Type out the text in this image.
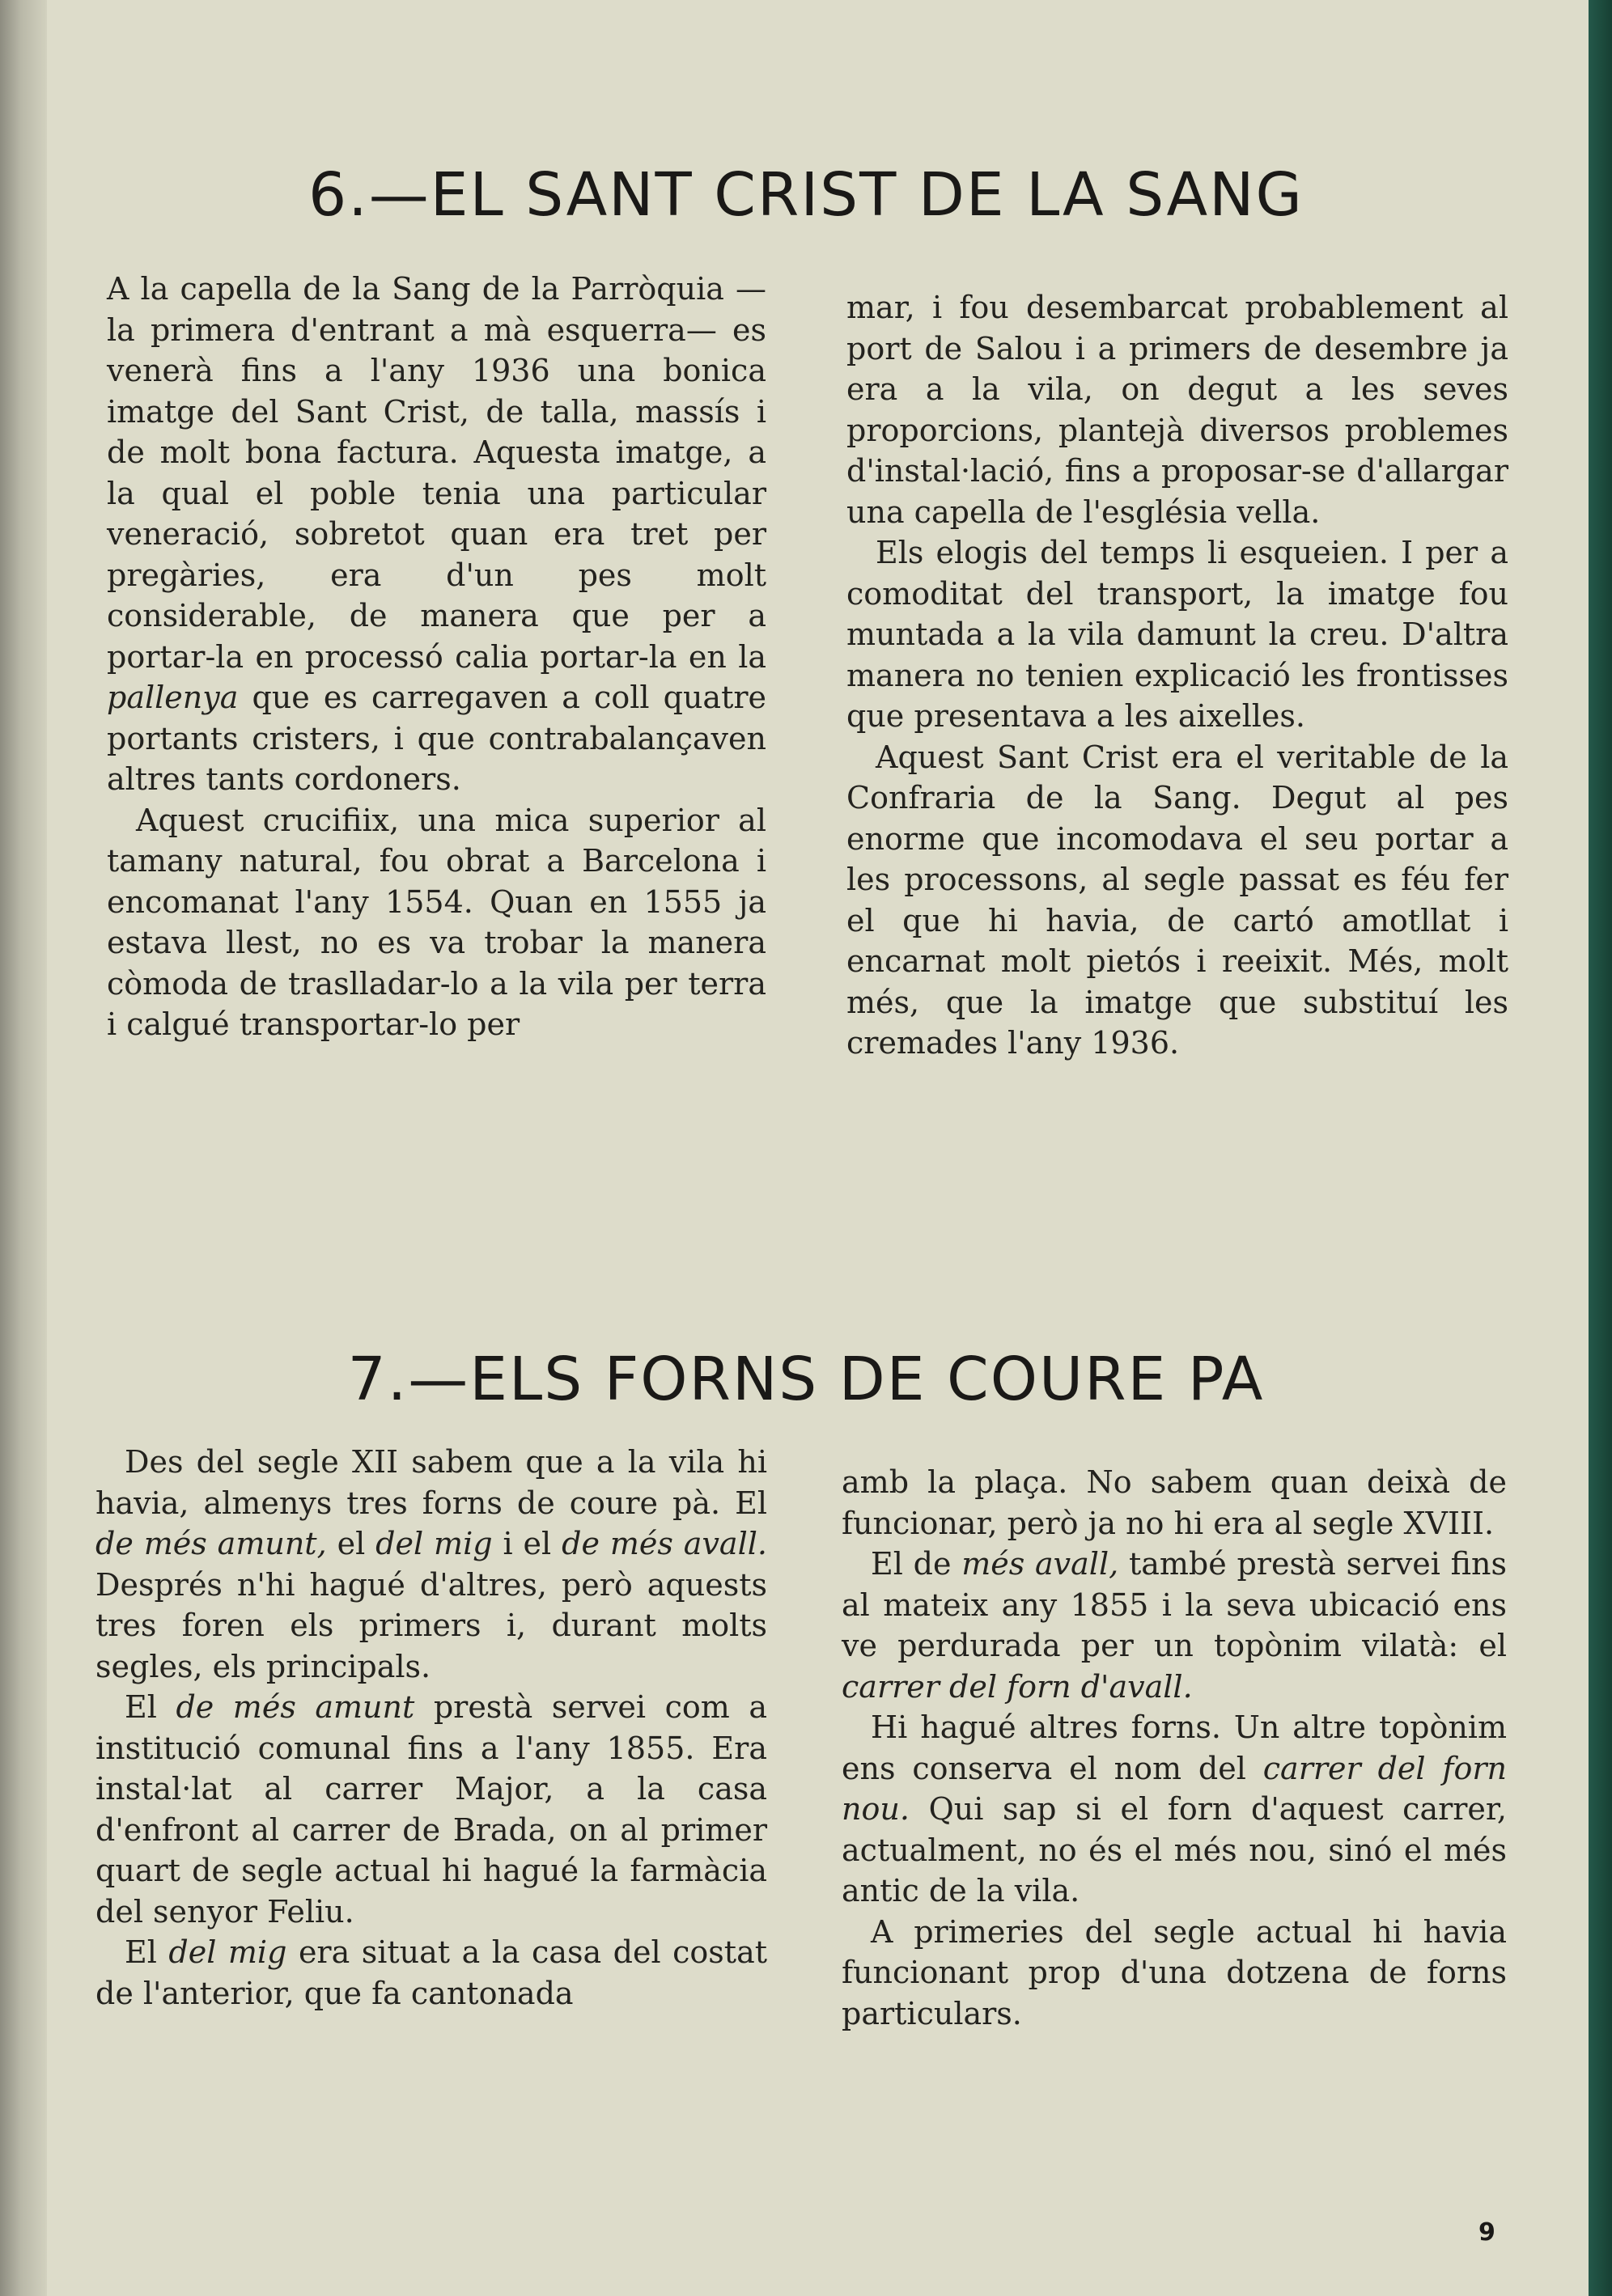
6.—EL SANT CRIST DE LA SANG

A la capella de la Sang de la Parròquia —la primera d'entrant a mà esquerra— es venerà fins a l'any 1936 una bonica imatge del Sant Crist, de talla, massís i de molt bona factura. Aquesta imatge, a la qual el poble tenia una particular veneració, sobretot quan era tret per pregàries, era d'un pes molt considerable, de manera que per a portar-la en processó calia portar-la en la pallenya que es carregaven a coll quatre portants cristers, i que contrabalançaven altres tants cordoners.

Aquest crucifiix, una mica superior al tamany natural, fou obrat a Barcelona i encomanat l'any 1554. Quan en 1555 ja estava llest, no es va trobar la manera còmoda de traslladar-lo a la vila per terra i calgué transportar-lo per

mar, i fou desembarcat probablement al port de Salou i a primers de desembre ja era a la vila, on degut a les seves proporcions, plantejà diversos problemes d'instal·lació, fins a proposar-se d'allargar una capella de l'església vella.

Els elogis del temps li esqueien. I per a comoditat del transport, la imatge fou muntada a la vila damunt la creu. D'altra manera no tenien explicació les frontisses que presentava a les aixelles.

Aquest Sant Crist era el veritable de la Confraria de la Sang. Degut al pes enorme que incomodava el seu portar a les processons, al segle passat es féu fer el que hi havia, de cartó amotllat i encarnat molt pietós i reeixit. Més, molt més, que la imatge que substituí les cremades l'any 1936.

7.—ELS FORNS DE COURE PA

Des del segle XII sabem que a la vila hi havia, almenys tres forns de coure pà. El de més amunt, el del mig i el de més avall. Després n'hi hagué d'altres, però aquests tres foren els primers i, durant molts segles, els principals.

El de més amunt prestà servei com a institució comunal fins a l'any 1855. Era instal·lat al carrer Major, a la casa d'enfront al carrer de Brada, on al primer quart de segle actual hi hagué la farmàcia del senyor Feliu.

El del mig era situat a la casa del costat de l'anterior, que fa cantonada

amb la plaça. No sabem quan deixà de funcionar, però ja no hi era al segle XVIII.

El de més avall, també prestà servei fins al mateix any 1855 i la seva ubicació ens ve perdurada per un topònim vilatà: el carrer del forn d'avall.

Hi hagué altres forns. Un altre topònim ens conserva el nom del carrer del forn nou. Qui sap si el forn d'aquest carrer, actualment, no és el més nou, sinó el més antic de la vila.

A primeries del segle actual hi havia funcionant prop d'una dotzena de forns particulars.

9
